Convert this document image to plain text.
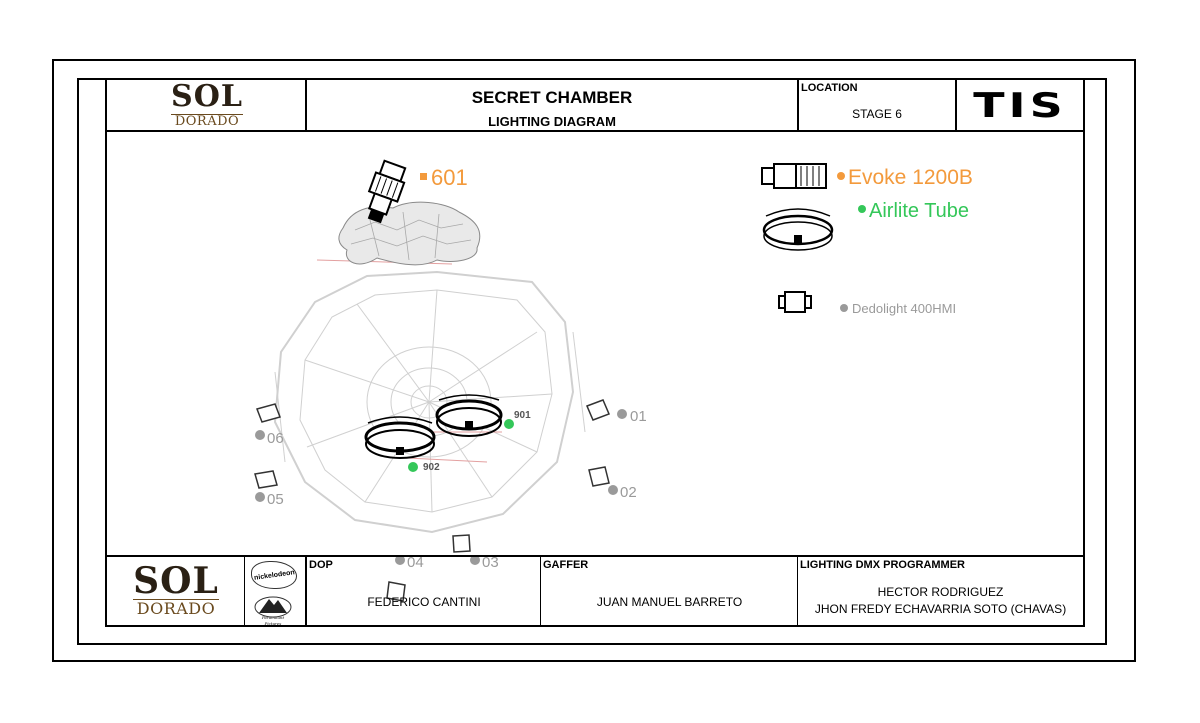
SOL
DORADO
SECRET CHAMBER
LIGHTING DIAGRAM
LOCATION
STAGE 6	TIS
601
06
05
01
02
04	03
901
902
Evoke 1200B
Airlite Tube
Dedolight 400HMI
SOL
DORADO
nickelodeon
Paramount Pictures
DOP
FEDERICO CANTINI
GAFFER
JUAN MANUEL BARRETO
LIGHTING DMX PROGRAMMER
HECTOR RODRIGUEZ
JHON FREDY ECHAVARRIA SOTO (CHAVAS)
